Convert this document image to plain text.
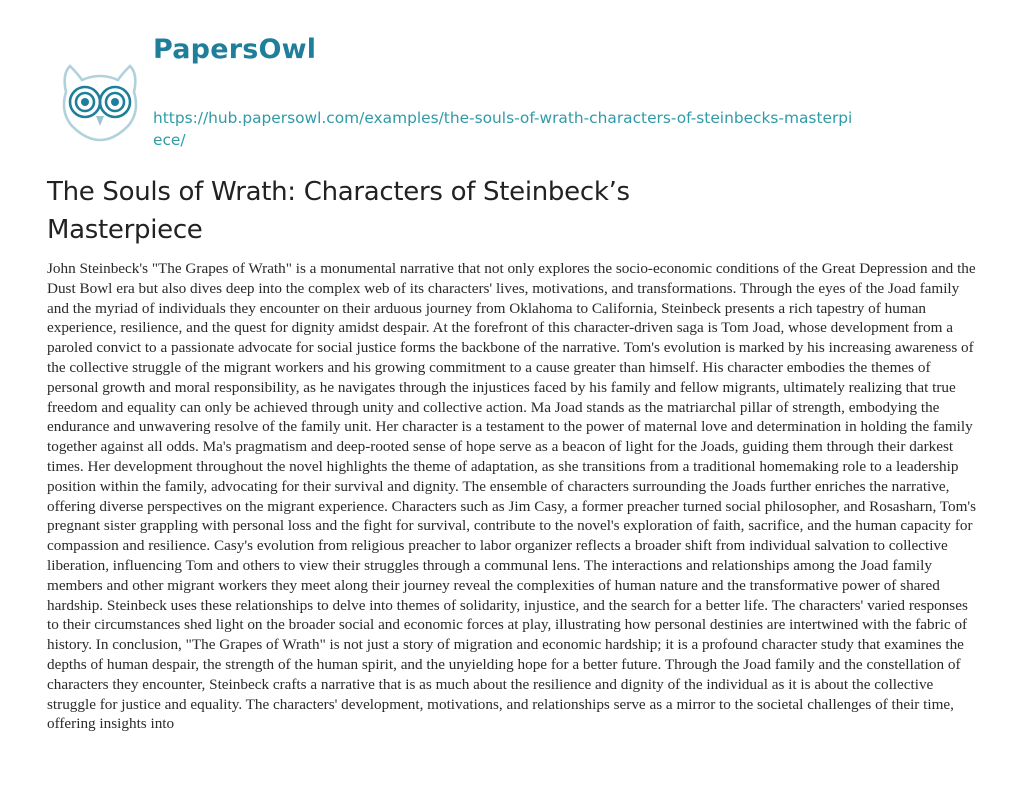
PapersOwl
https://hub.papersowl.com/examples/the-souls-of-wrath-characters-of-steinbecks-masterpiece/
The Souls of Wrath: Characters of Steinbeck’s Masterpiece

John Steinbeck's "The Grapes of Wrath" is a monumental narrative that not only explores the socio-economic conditions of the Great Depression and the Dust Bowl era but also dives deep into the complex web of its characters' lives, motivations, and transformations. Through the eyes of the Joad family and the myriad of individuals they encounter on their arduous journey from Oklahoma to California, Steinbeck presents a rich tapestry of human experience, resilience, and the quest for dignity amidst despair. At the forefront of this character-driven saga is Tom Joad, whose development from a paroled convict to a passionate advocate for social justice forms the backbone of the narrative. Tom's evolution is marked by his increasing awareness of the collective struggle of the migrant workers and his growing commitment to a cause greater than himself. His character embodies the themes of personal growth and moral responsibility, as he navigates through the injustices faced by his family and fellow migrants, ultimately realizing that true freedom and equality can only be achieved through unity and collective action. Ma Joad stands as the matriarchal pillar of strength, embodying the endurance and unwavering resolve of the family unit. Her character is a testament to the power of maternal love and determination in holding the family together against all odds. Ma's pragmatism and deep-rooted sense of hope serve as a beacon of light for the Joads, guiding them through their darkest times. Her development throughout the novel highlights the theme of adaptation, as she transitions from a traditional homemaking role to a leadership position within the family, advocating for their survival and dignity. The ensemble of characters surrounding the Joads further enriches the narrative, offering diverse perspectives on the migrant experience. Characters such as Jim Casy, a former preacher turned social philosopher, and Rosasharn, Tom's pregnant sister grappling with personal loss and the fight for survival, contribute to the novel's exploration of faith, sacrifice, and the human capacity for compassion and resilience. Casy's evolution from religious preacher to labor organizer reflects a broader shift from individual salvation to collective liberation, influencing Tom and others to view their struggles through a communal lens. The interactions and relationships among the Joad family members and other migrant workers they meet along their journey reveal the complexities of human nature and the transformative power of shared hardship. Steinbeck uses these relationships to delve into themes of solidarity, injustice, and the search for a better life. The characters' varied responses to their circumstances shed light on the broader social and economic forces at play, illustrating how personal destinies are intertwined with the fabric of history. In conclusion, "The Grapes of Wrath" is not just a story of migration and economic hardship; it is a profound character study that examines the depths of human despair, the strength of the human spirit, and the unyielding hope for a better future. Through the Joad family and the constellation of characters they encounter, Steinbeck crafts a narrative that is as much about the resilience and dignity of the individual as it is about the collective struggle for justice and equality. The characters' development, motivations, and relationships serve as a mirror to the societal challenges of their time, offering insights into
